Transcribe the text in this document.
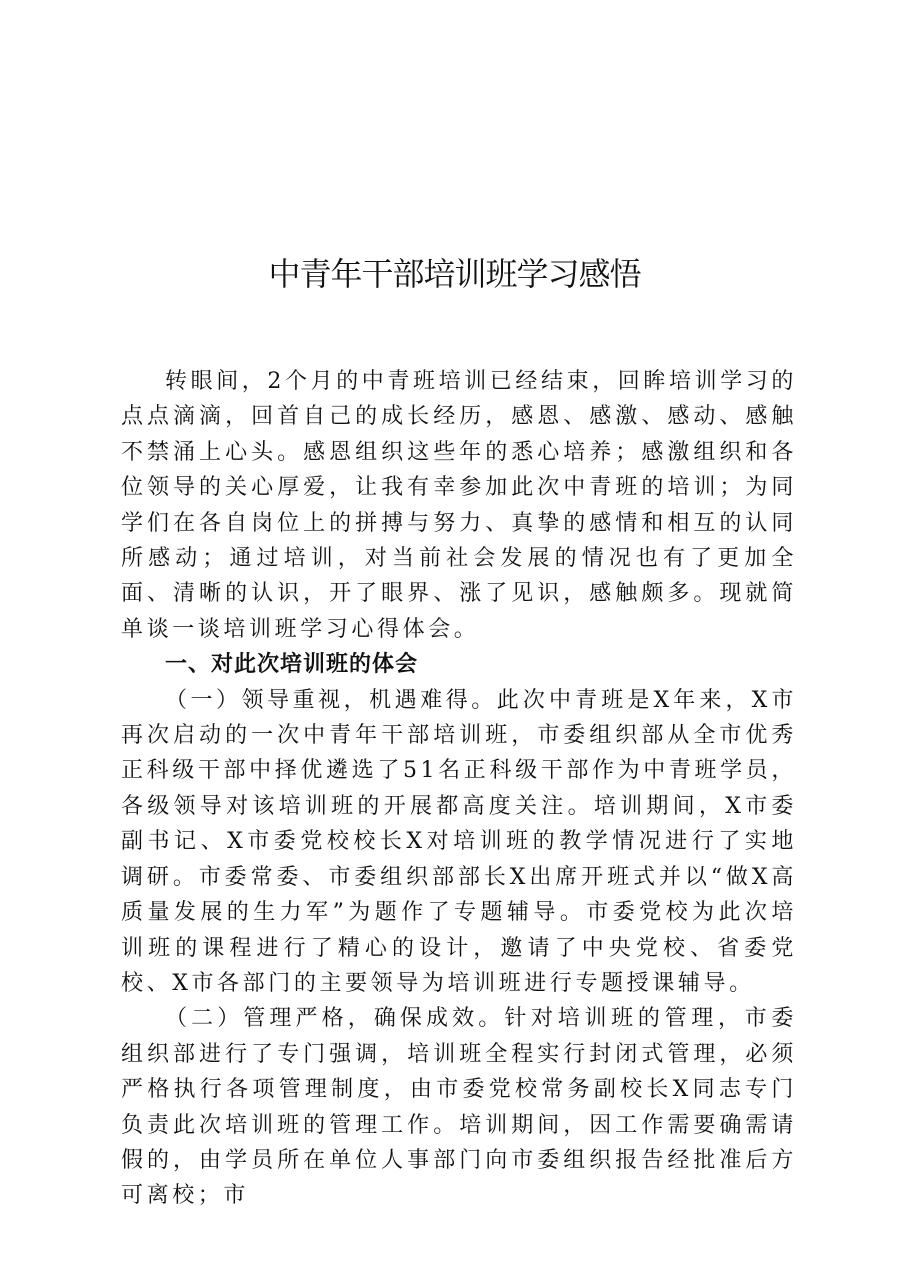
中青年干部培训班学习感悟

转眼间，2个月的中青班培训已经结束，回眸培训学习的点点滴滴，回首自己的成长经历，感恩、感激、感动、感触不禁涌上心头。感恩组织这些年的悉心培养；感激组织和各位领导的关心厚爱，让我有幸参加此次中青班的培训；为同学们在各自岗位上的拼搏与努力、真挚的感情和相互的认同所感动；通过培训，对当前社会发展的情况也有了更加全面、清晰的认识，开了眼界、涨了见识，感触颇多。现就简单谈一谈培训班学习心得体会。

一、对此次培训班的体会

（一）领导重视，机遇难得。此次中青班是X年来，X市再次启动的一次中青年干部培训班，市委组织部从全市优秀正科级干部中择优遴选了51名正科级干部作为中青班学员，各级领导对该培训班的开展都高度关注。培训期间，X市委副书记、X市委党校校长X对培训班的教学情况进行了实地调研。市委常委、市委组织部部长X出席开班式并以“做X高质量发展的生力军”为题作了专题辅导。市委党校为此次培训班的课程进行了精心的设计，邀请了中央党校、省委党校、X市各部门的主要领导为培训班进行专题授课辅导。

（二）管理严格，确保成效。针对培训班的管理，市委组织部进行了专门强调，培训班全程实行封闭式管理，必须严格执行各项管理制度，由市委党校常务副校长X同志专门负责此次培训班的管理工作。培训期间，因工作需要确需请假的，由学员所在单位人事部门向市委组织报告经批准后方可离校；市
